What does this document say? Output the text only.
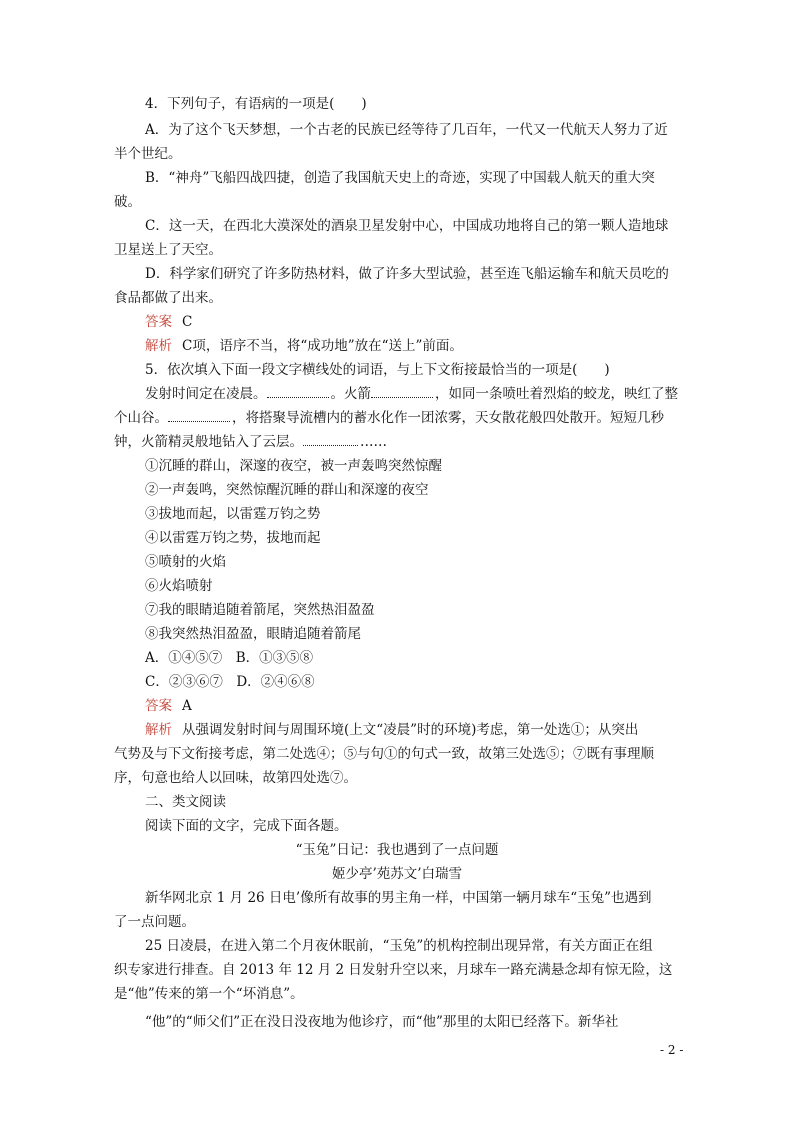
4．下列句子，有语病的一项是(　　)
A．为了这个飞天梦想，一个古老的民族已经等待了几百年，一代又一代航天人努力了近
半个世纪。
B．“神舟”飞船四战四捷，创造了我国航天史上的奇迹，实现了中国载人航天的重大突
破。
C．这一天，在西北大漠深处的酒泉卫星发射中心，中国成功地将自己的第一颗人造地球
卫星送上了天空。
D．科学家们研究了许多防热材料，做了许多大型试验，甚至连飞船运输车和航天员吃的
食品都做了出来。
答案 C
解析 C项，语序不当，将“成功地”放在“送上”前面。
5．依次填入下面一段文字横线处的词语，与上下文衔接最恰当的一项是(　　)
发射时间定在凌晨。	。火箭	，如同一条喷吐着烈焰的蛟龙，映红了整
个山谷。	，将搭聚导流槽内的蓄水化作一团浓雾，天女散花般四处散开。短短几秒
钟，火箭精灵般地钻入了云层。	……
①沉睡的群山，深邃的夜空，被一声轰鸣突然惊醒
②一声轰鸣，突然惊醒沉睡的群山和深邃的夜空
③拔地而起，以雷霆万钧之势
④以雷霆万钧之势，拔地而起
⑤喷射的火焰
⑥火焰喷射
⑦我的眼睛追随着箭尾，突然热泪盈盈
⑧我突然热泪盈盈，眼睛追随着箭尾
A．①④⑤⑦　B．①③⑤⑧
C．②③⑥⑦　D．②④⑥⑧
答案 A
解析 从强调发射时间与周围环境(上文“凌晨”时的环境)考虑，第一处选①；从突出
气势及与下文衔接考虑，第二处选④；⑤与句①的句式一致，故第三处选⑤；⑦既有事理顺
序，句意也给人以回味，故第四处选⑦。
二、类文阅读
阅读下面的文字，完成下面各题。
“玉兔”日记：我也遇到了一点问题
姬少亭’苑苏文’白瑞雪
新华网北京 1 月 26 日电’像所有故事的男主角一样，中国第一辆月球车“玉兔”也遇到
了一点问题。
25 日凌晨，在进入第二个月夜休眠前，“玉兔”的机构控制出现异常，有关方面正在组
织专家进行排查。自 2013 年 12 月 2 日发射升空以来，月球车一路充满悬念却有惊无险，这
是“他”传来的第一个“坏消息”。
“他”的“师父们”正在没日没夜地为他诊疗，而“他”那里的太阳已经落下。新华社
- 2 -
